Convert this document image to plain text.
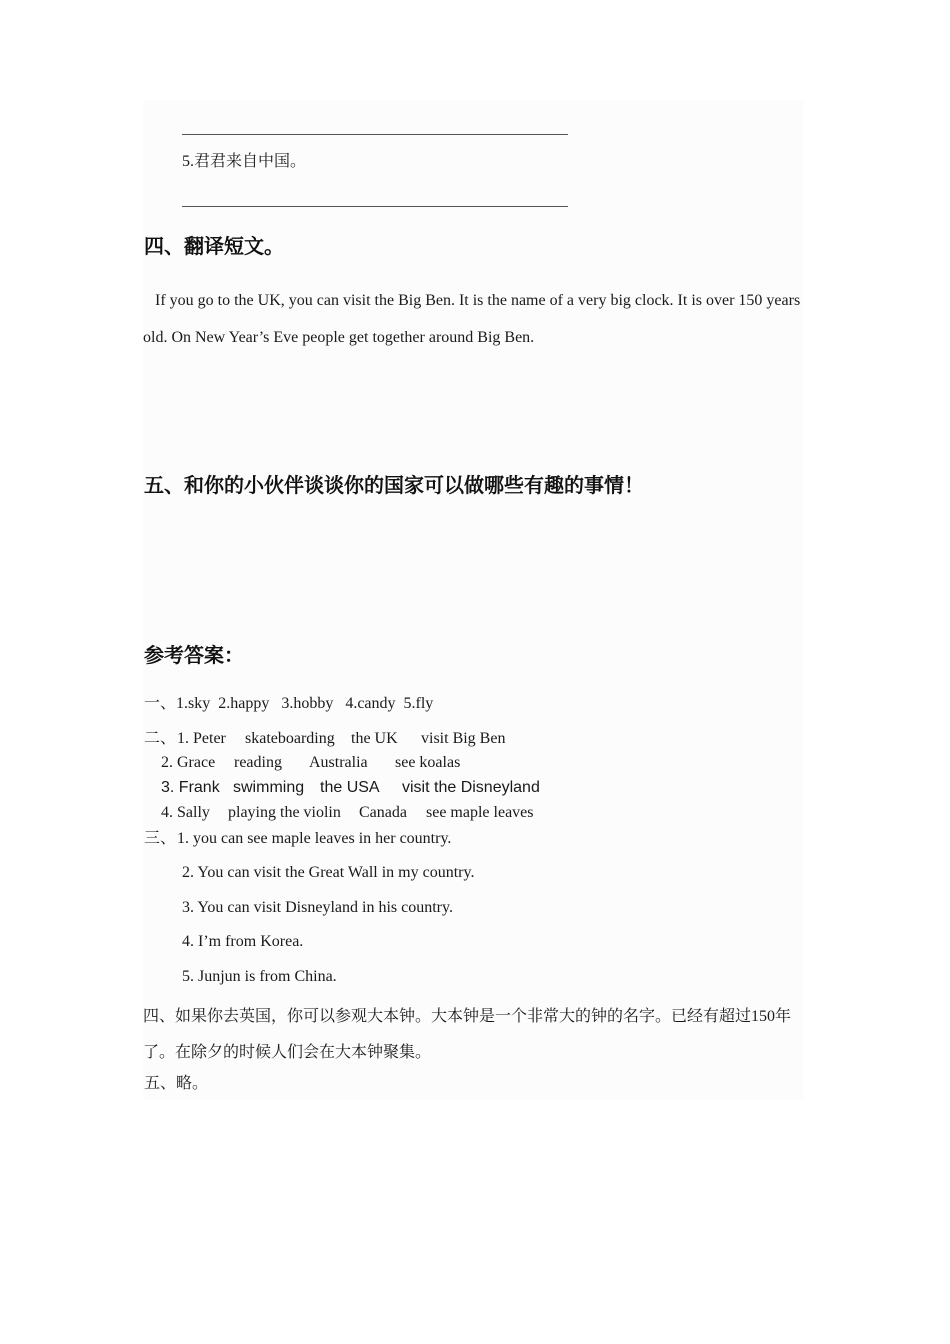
5.君君来自中国。
四、翻译短文。
If you go to the UK, you can visit the Big Ben. It is the name of a very big clock. It is over 150 years old. On New Year’s Eve people get together around Big Ben.
五、和你的小伙伴谈谈你的国家可以做哪些有趣的事情！
参考答案：
一、1.sky  2.happy   3.hobby   4.candy  5.fly
二、 1. Peter skateboarding the UK visit Big Ben
2. Grace reading Australia see koalas
3. Frank swimming the USA visit the Disneyland
4. Sally playing the violin Canada see maple leaves
三、 1. you can see maple leaves in her country.
2. You can visit the Great Wall in my country.
3. You can visit Disneyland in his country.
4. I’m from Korea.
5. Junjun is from China.
四、如果你去英国，你可以参观大本钟。大本钟是一个非常大的钟的名字。已经有超过150年了。在除夕的时候人们会在大本钟聚集。
五、略。
